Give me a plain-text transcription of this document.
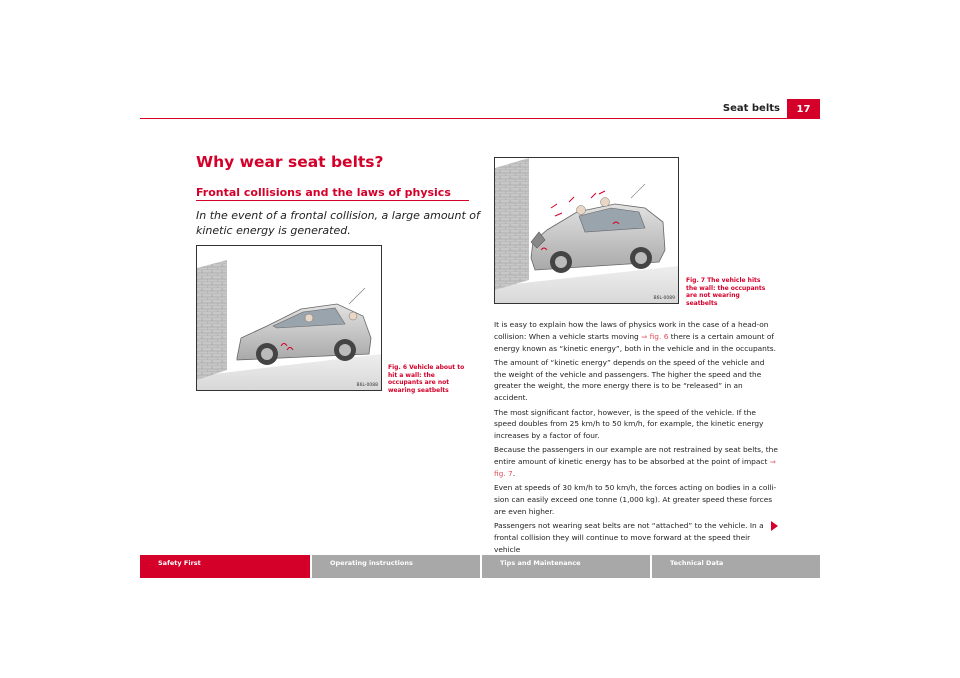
Seat belts 17
Why wear seat belts?
Frontal collisions and the laws of physics
In the event of a frontal collision, a large amount of kinetic energy is generated.
B6L-0088
Fig. 6 Vehicle about to hit a wall: the occupants are not wearing seatbelts
B6L-0089
Fig. 7 The vehicle hits the wall: the occupants are not wearing seatbelts

It is easy to explain how the laws of physics work in the case of a head-on collision: When a vehicle starts moving ⇒ fig. 6 there is a certain amount of energy known as “kinetic energy”, both in the vehicle and in the occupants.

The amount of “kinetic energy” depends on the speed of the vehicle and the weight of the vehicle and passengers. The higher the speed and the greater the weight, the more energy there is to be “released” in an accident.

The most significant factor, however, is the speed of the vehicle. If the speed doubles from 25 km/h to 50 km/h, for example, the kinetic energy increases by a factor of four.

Because the passengers in our example are not restrained by seat belts, the entire amount of kinetic energy has to be absorbed at the point of impact ⇒ fig. 7.

Even at speeds of 30 km/h to 50 km/h, the forces acting on bodies in a colli-sion can easily exceed one tonne (1,000 kg). At greater speed these forces are even higher.

Passengers not wearing seat belts are not “attached” to the vehicle. In a frontal collision they will continue to move forward at the speed their vehicle

Safety First	Operating instructions	Tips and Maintenance	Technical Data
